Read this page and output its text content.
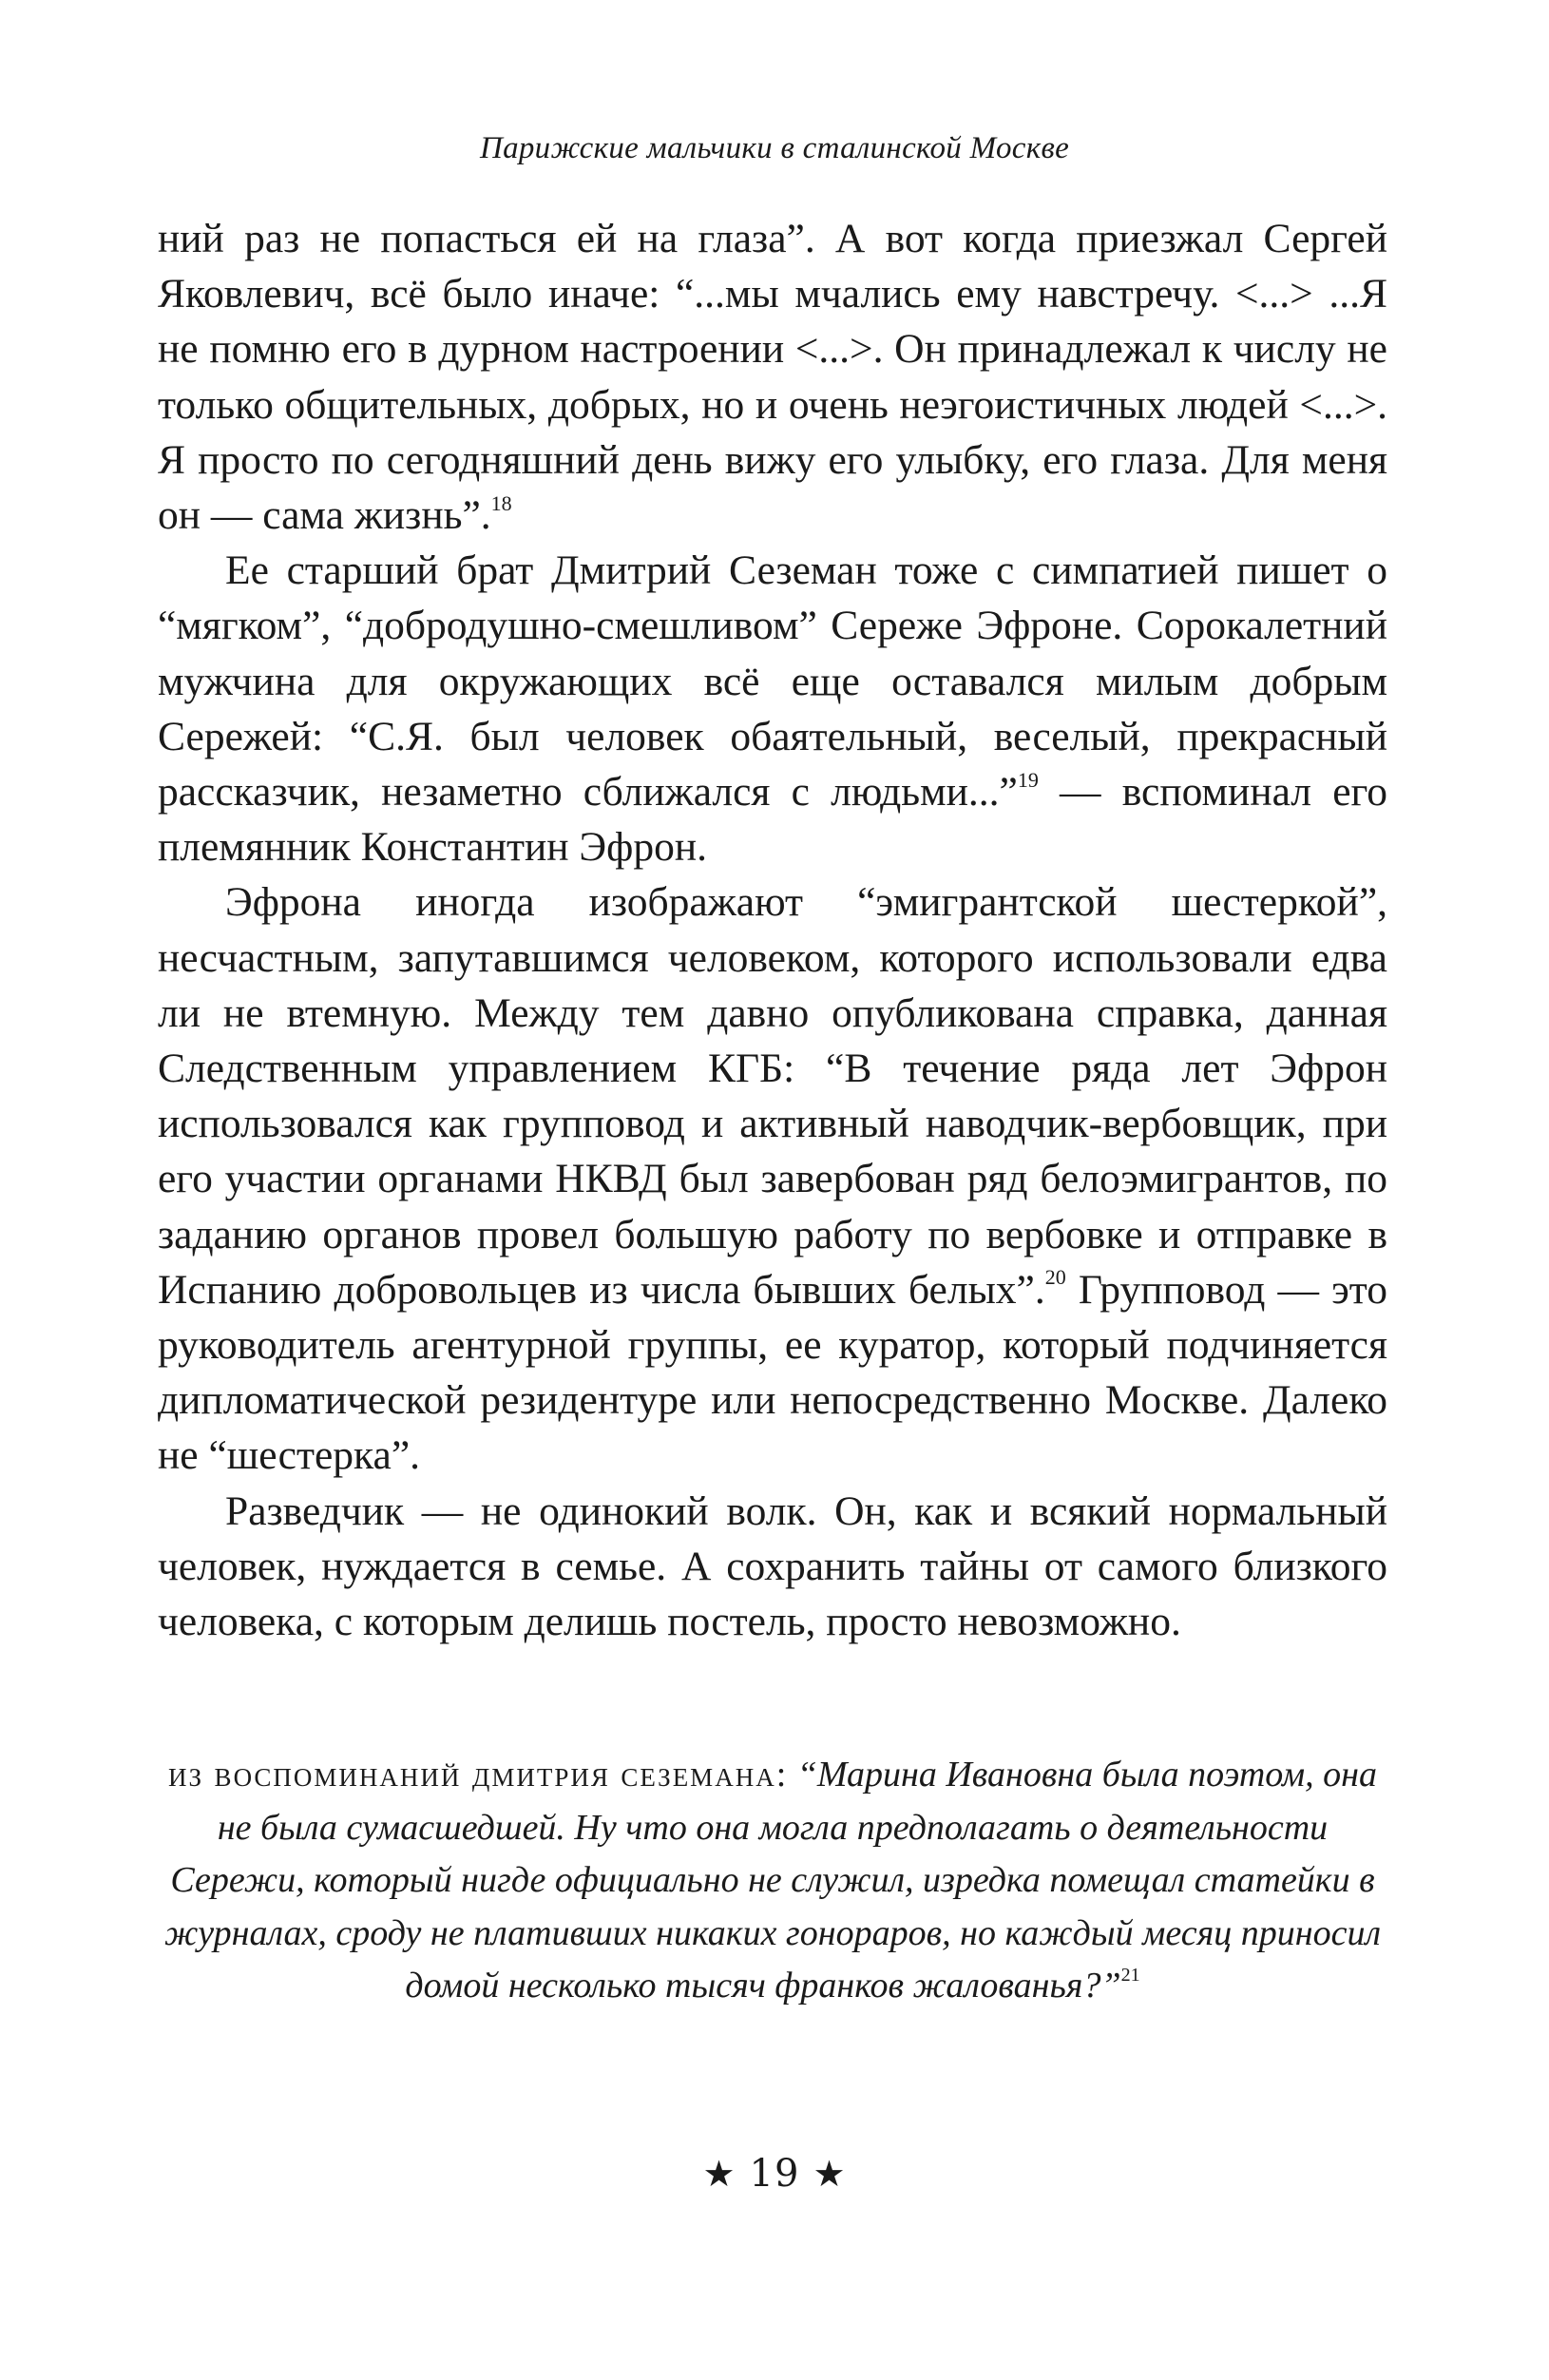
Парижские мальчики в сталинской Москве

ний раз не попасться ей на глаза”. А вот когда приезжал Сергей Яковлевич, всё было иначе: “...мы мчались ему навстречу. <...> ...Я не помню его в дурном настроении <...>. Он принадлежал к числу не только общительных, добрых, но и очень неэгоистичных людей <...>. Я просто по сегодняшний день вижу его улыбку, его глаза. Для меня он — сама жизнь”.$^{18}$

Ее старший брат Дмитрий Сеземан тоже с симпатией пишет о “мягком”, “добродушно-смешливом” Сереже Эфроне. Сорокалетний мужчина для окружающих всё еще оставался милым добрым Сережей: “С.Я. был человек обаятельный, веселый, прекрасный рассказчик, незаметно сближался с людьми...”$^{19}$ — вспоминал его племянник Константин Эфрон.

Эфрона иногда изображают “эмигрантской шестеркой”, несчастным, запутавшимся человеком, которого использовали едва ли не втемную. Между тем давно опубликована справка, данная Следственным управлением КГБ: “В течение ряда лет Эфрон использовался как групповод и активный наводчик-вербовщик, при его участии органами НКВД был завербован ряд белоэмигрантов, по заданию органов провел большую работу по вербовке и отправке в Испанию добровольцев из числа бывших белых”.$^{20}$ Групповод — это руководитель агентурной группы, ее куратор, который подчиняется дипломатической резидентуре или непосредственно Москве. Далеко не “шестерка”.

Разведчик — не одинокий волк. Он, как и всякий нормальный человек, нуждается в семье. А сохранить тайны от самого близкого человека, с которым делишь постель, просто невозможно.

из воспоминаний дмитрия сеземана: “Марина Ивановна была поэтом, она не была сумасшедшей. Ну что она могла предполагать о деятельности Сережи, который нигде официально не служил, изредка помещал статейки в журналах, сроду не плативших никаких гонораров, но каждый месяц приносил домой несколько тысяч франков жалованья?”$^{21}$
★ 19 ★
